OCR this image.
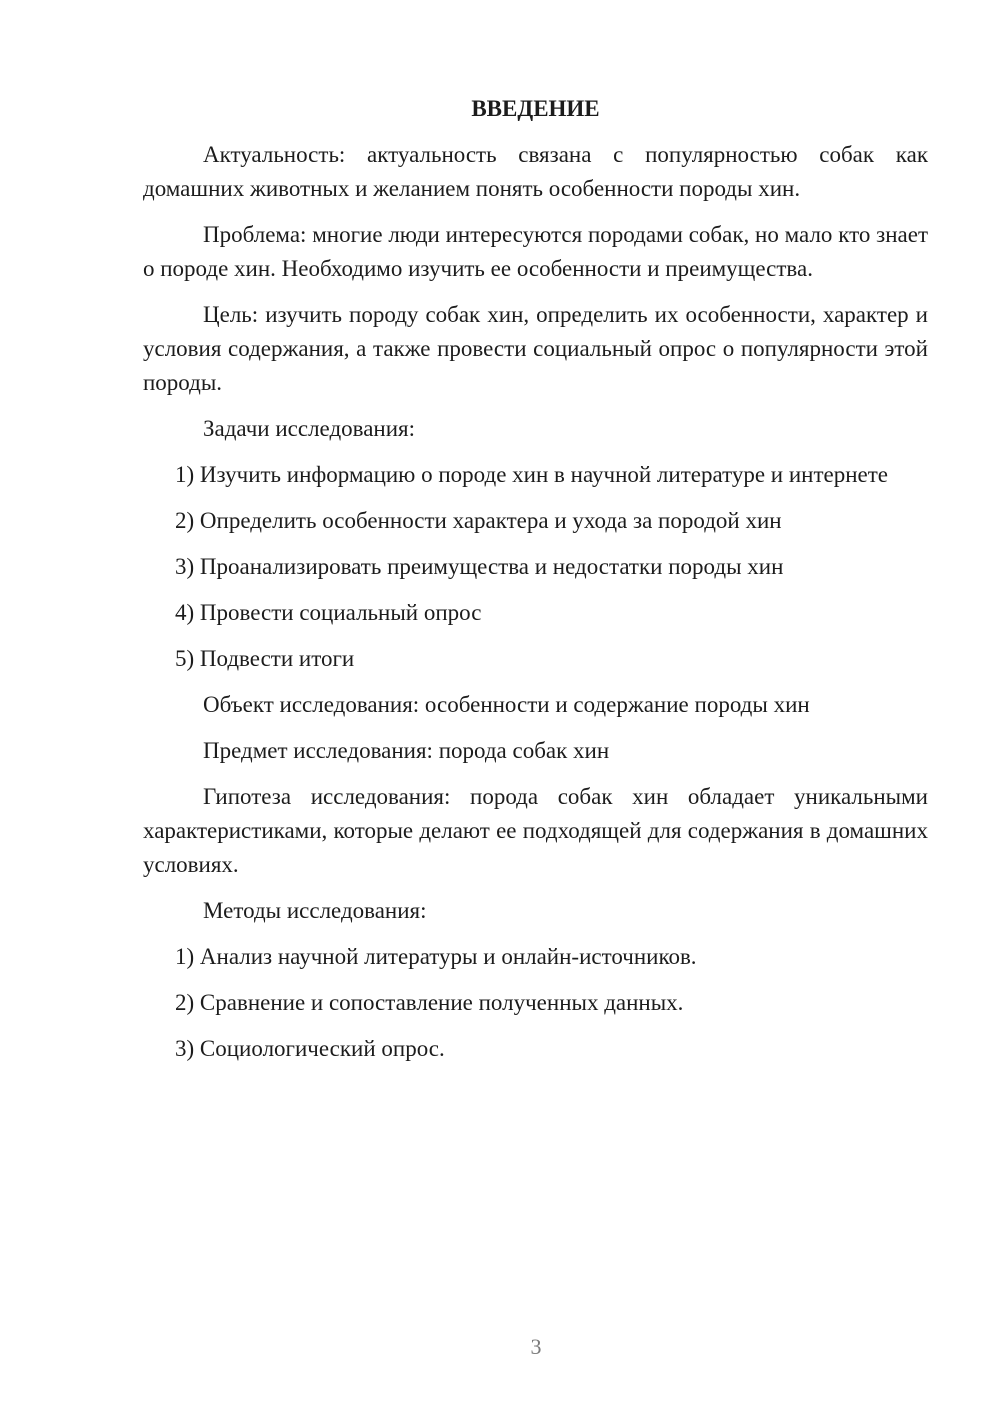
ВВЕДЕНИЕ

Актуальность: актуальность связана с популярностью собак как домашних животных и желанием понять особенности породы хин.

Проблема: многие люди интересуются породами собак, но мало кто знает о породе хин. Необходимо изучить ее особенности и преимущества.

Цель: изучить породу собак хин, определить их особенности, характер и условия содержания, а также провести социальный опрос о популярности этой породы.

Задачи исследования:

1) Изучить информацию о породе хин в научной литературе и интернете

2) Определить особенности характера и ухода за породой хин

3) Проанализировать преимущества и недостатки породы хин

4) Провести социальный опрос

5) Подвести итоги

Объект исследования: особенности и содержание породы хин

Предмет исследования: порода собак хин

Гипотеза исследования: порода собак хин обладает уникальными характеристиками, которые делают ее подходящей для содержания в домашних условиях.

Методы исследования:

1) Анализ научной литературы и онлайн-источников.

2) Сравнение и сопоставление полученных данных.

3) Социологический опрос.

3
